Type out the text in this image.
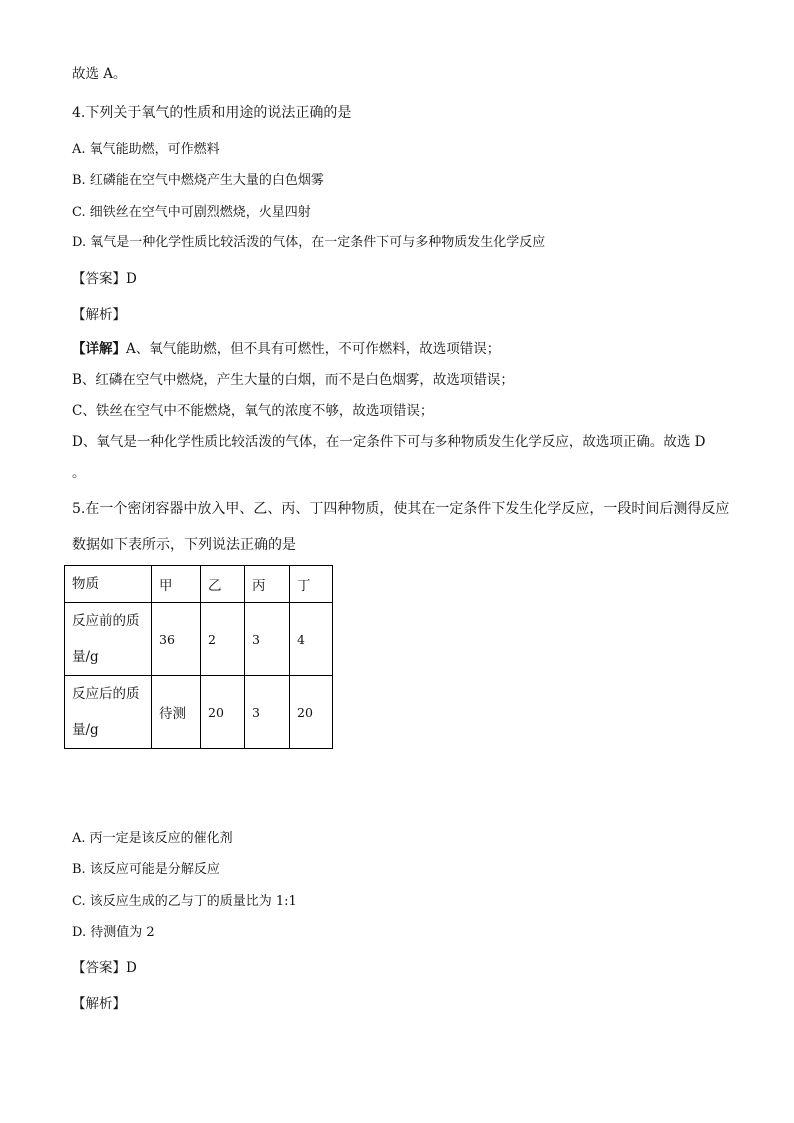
故选 A。
4.下列关于氧气的性质和用途的说法正确的是
A. 氧气能助燃，可作燃料
B. 红磷能在空气中燃烧产生大量的白色烟雾
C. 细铁丝在空气中可剧烈燃烧，火星四射
D. 氧气是一种化学性质比较活泼的气体，在一定条件下可与多种物质发生化学反应
【答案】D
【解析】
【详解】A、氧气能助燃，但不具有可燃性，不可作燃料，故选项错误；
B、红磷在空气中燃烧，产生大量的白烟，而不是白色烟雾，故选项错误；
C、铁丝在空气中不能燃烧，氧气的浓度不够，故选项错误；
D、氧气是一种化学性质比较活泼的气体，在一定条件下可与多种物质发生化学反应，故选项正确。故选 D
。
5.在一个密闭容器中放入甲、乙、丙、丁四种物质，使其在一定条件下发生化学反应，一段时间后测得反应
数据如下表所示，下列说法正确的是
物质	甲	乙	丙	丁
反应前的质量/g	36	2	3	4
反应后的质量/g	待测	20	3	20
A. 丙一定是该反应的催化剂
B. 该反应可能是分解反应
C. 该反应生成的乙与丁的质量比为 1:1
D. 待测值为 2
【答案】D
【解析】
